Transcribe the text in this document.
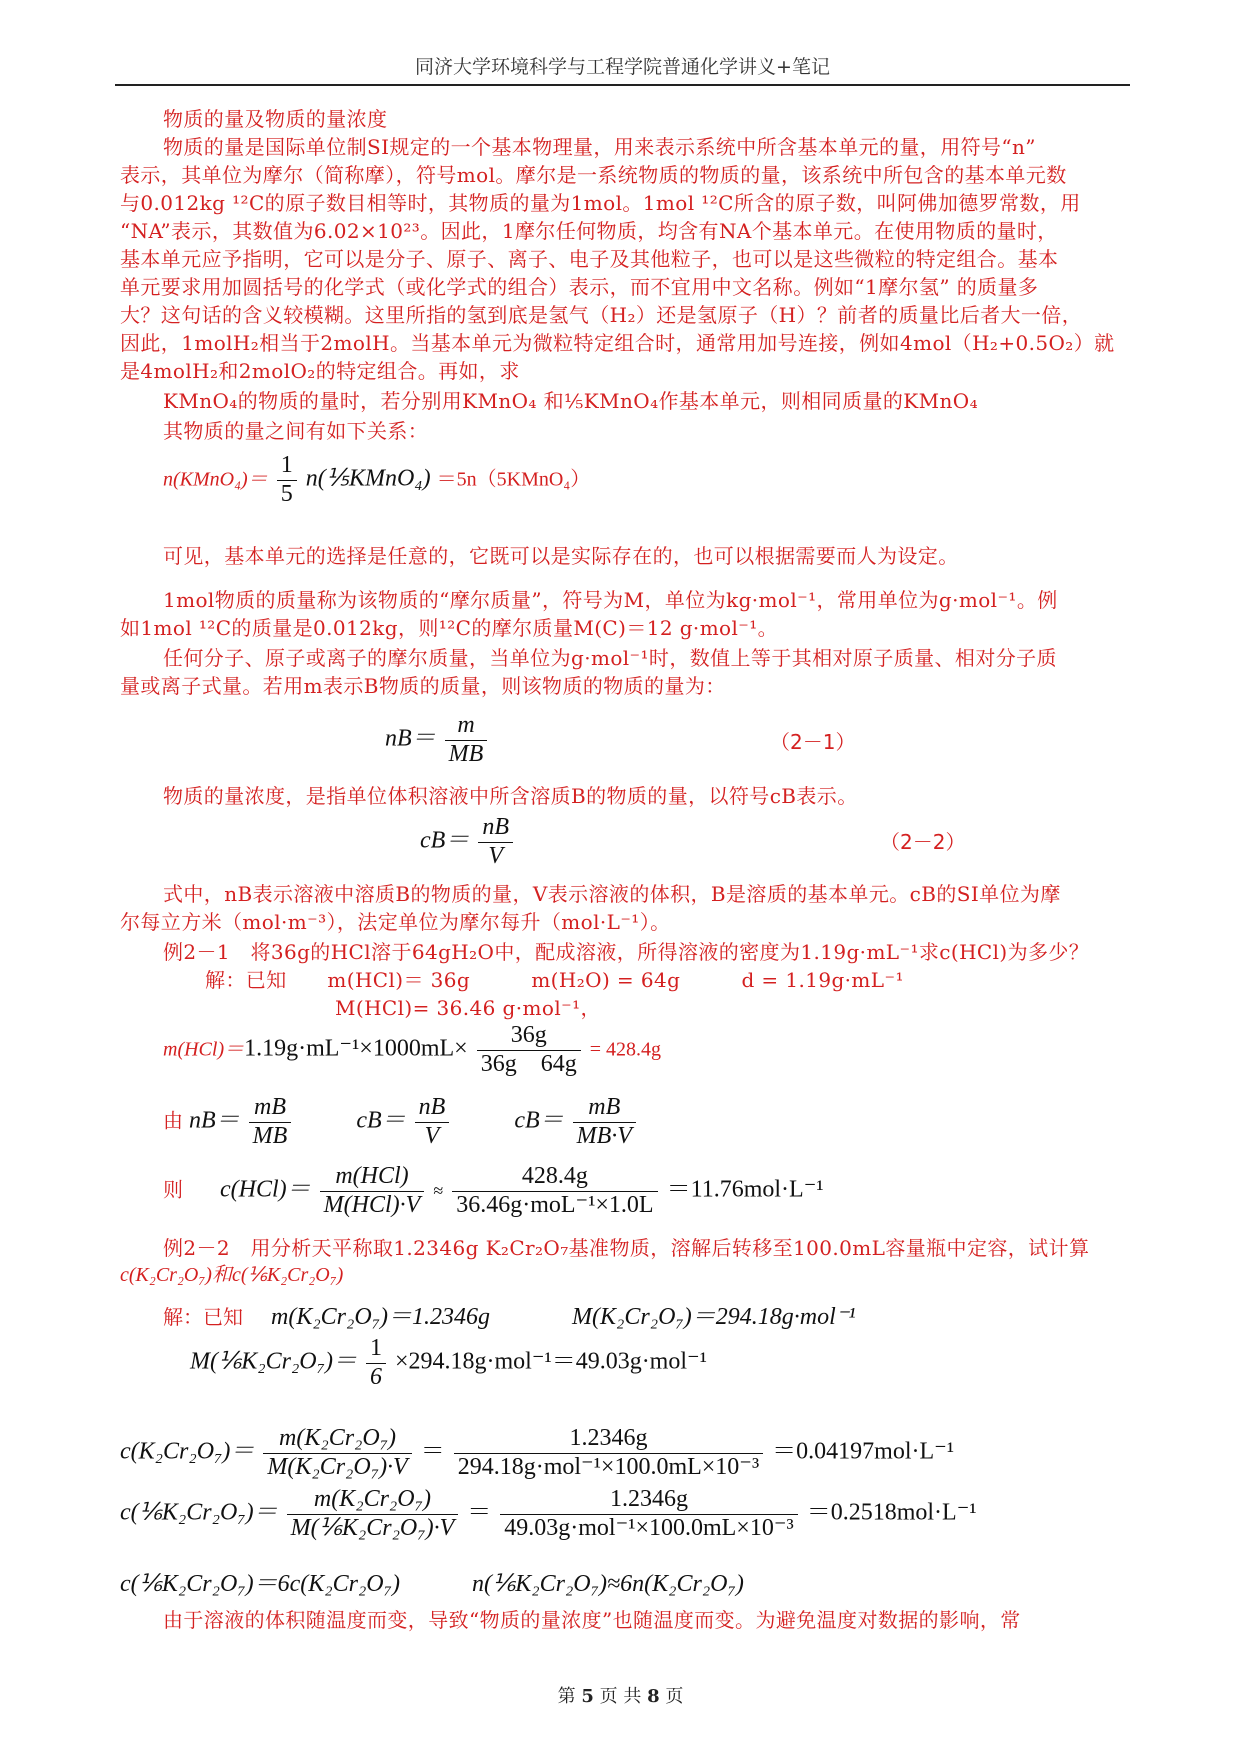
同济大学环境科学与工程学院普通化学讲义+笔记
物质的量及物质的量浓度
物质的量是国际单位制SI规定的一个基本物理量，用来表示系统中所含基本单元的量，用符号“n”
表示，其单位为摩尔（简称摩），符号mol。摩尔是一系统物质的物质的量，该系统中所包含的基本单元数
与0.012kg ¹²C的原子数目相等时，其物质的量为1mol。1mol ¹²C所含的原子数，叫阿佛加德罗常数，用
“NA”表示，其数值为6.02×10²³。因此，1摩尔任何物质，均含有NA个基本单元。在使用物质的量时，
基本单元应予指明，它可以是分子、原子、离子、电子及其他粒子，也可以是这些微粒的特定组合。基本
单元要求用加圆括号的化学式（或化学式的组合）表示，而不宜用中文名称。例如“1摩尔氢” 的质量多
大？这句话的含义较模糊。这里所指的氢到底是氢气（H₂）还是氢原子（H）？前者的质量比后者大一倍，
因此，1molH₂相当于2molH。当基本单元为微粒特定组合时，通常用加号连接，例如4mol（H₂+0.5O₂）就
是4molH₂和2molO₂的特定组合。再如，求
KMnO₄的物质的量时，若分别用KMnO₄ 和⅕KMnO₄作基本单元，则相同质量的KMnO₄
其物质的量之间有如下关系：
n(KMnO₄)＝ $\frac{1}{5}$ n(⅕KMnO₄) ＝5n（5KMnO₄）
可见，基本单元的选择是任意的，它既可以是实际存在的，也可以根据需要而人为设定。
1mol物质的质量称为该物质的“摩尔质量”，符号为M，单位为kg·mol⁻¹，常用单位为g·mol⁻¹。例
如1mol ¹²C的质量是0.012kg，则¹²C的摩尔质量M(C)＝12 g·mol⁻¹。
任何分子、原子或离子的摩尔质量，当单位为g·mol⁻¹时，数值上等于其相对原子质量、相对分子质
量或离子式量。若用m表示B物质的质量，则该物质的物质的量为：
$nB= \frac{m}{MB}$	（2－1）
物质的量浓度，是指单位体积溶液中所含溶质B的物质的量，以符号cB表示。
$cB= \frac{nB}{V}$	（2－2）
式中，nB表示溶液中溶质B的物质的量，V表示溶液的体积，B是溶质的基本单元。cB的SI单位为摩
尔每立方米（mol·m⁻³），法定单位为摩尔每升（mol·L⁻¹）。
例2－1　将36g的HCl溶于64gH₂O中，配成溶液，所得溶液的密度为1.19g·mL⁻¹求c(HCl)为多少？
解：已知　　m(HCl)＝ 36g　　　m(H₂O) = 64g　　　d = 1.19g·mL⁻¹
M(HCl)= 36.46 g·mol⁻¹，
$m(HCl)=1.19g\cdot mL^{-1}\times 1000mL\times \frac{36g}{36g 64g} = 428.4g$
由 $nB= \frac{mB}{MB}$	$cB= \frac{nB}{V}$	$cB= \frac{mB}{MB\cdot V}$
则 $c(HCl)= \frac{\text{m(HCl)}}{\text{M(HCl)·V}} \approx \frac{428.4g}{\text{36.46g·moL⁻¹×1.0L}} =11.76mol\cdot L^{-1}$
例2－2　用分析天平称取1.2346g K₂Cr₂O₇基准物质，溶解后转移至100.0mL容量瓶中定容，试计算
c(K₂Cr₂O₇)和c(⅙K₂Cr₂O₇)
解：已知 m(K₂Cr₂O₇)＝1.2346g	M(K₂Cr₂O₇)＝294.18g·mol⁻¹
M(⅙K₂Cr₂O₇)＝ $\frac{1}{6} \times 294.18g\cdot mol^{-1}=49.03g\cdot mol^{-1}$
$c(K_2Cr_2O_7)= \frac{\text{m(K₂Cr₂O₇)}}{\text{M(K₂Cr₂O₇)·V}} = \frac{1.2346g}{\text{294.18g·mol⁻¹×100.0mL×10⁻³}} =0.04197mol\cdot L^{-1}$
c(⅙K₂Cr₂O₇)＝ $\frac{\text{m(K₂Cr₂O₇)}}{\text{M(⅙K₂Cr₂O₇)·V}} = \frac{1.2346g}{\text{49.03g·mol⁻¹×100.0mL×10⁻³}} =0.2518mol\cdot L^{-1}$
c(⅙K₂Cr₂O₇)＝6c(K₂Cr₂O₇)	n(⅙K₂Cr₂O₇)≈6n(K₂Cr₂O₇)
由于溶液的体积随温度而变，导致“物质的量浓度”也随温度而变。为避免温度对数据的影响，常
第 5 页 共 8 页
